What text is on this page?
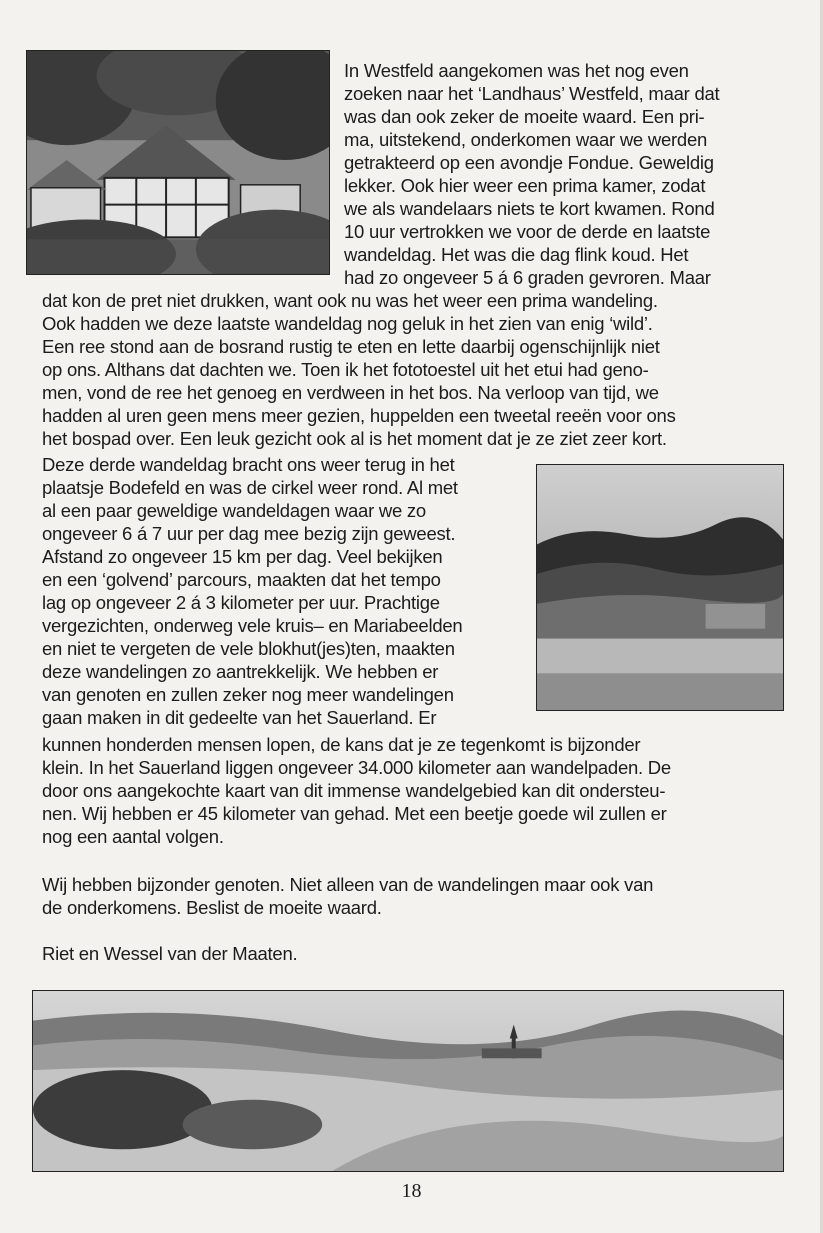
In Westfeld aangekomen was het nog even
zoeken naar het ‘Landhaus’ Westfeld, maar dat
was dan ook zeker de moeite waard. Een pri-
ma, uitstekend, onderkomen waar we werden
getrakteerd op een avondje Fondue. Geweldig
lekker. Ook hier weer een prima kamer, zodat
we als wandelaars niets te kort kwamen. Rond
10 uur vertrokken we voor de derde en laatste
wandeldag. Het was die dag flink koud. Het
had zo ongeveer 5 á 6 graden gevroren. Maar
dat kon de pret niet drukken, want ook nu was het weer een prima wandeling.
Ook hadden we deze laatste wandeldag nog geluk in het zien van enig ‘wild’.
Een ree stond aan de bosrand rustig te eten en lette daarbij ogenschijnlijk niet
op ons. Althans dat dachten we. Toen ik het fototoestel uit het etui had geno-
men, vond de ree het genoeg en verdween in het bos. Na verloop van tijd, we
hadden al uren geen mens meer gezien, huppelden een tweetal reeën voor ons
het bospad over. Een leuk gezicht ook al is het moment dat je ze ziet zeer kort.
Deze derde wandeldag bracht ons weer terug in het
plaatsje Bodefeld en was de cirkel weer rond. Al met
al een paar geweldige wandeldagen waar we zo
ongeveer 6 á 7 uur per dag mee bezig zijn geweest.
Afstand zo ongeveer 15 km per dag. Veel bekijken
en een ‘golvend’ parcours, maakten dat het tempo
lag op ongeveer 2 á 3 kilometer per uur. Prachtige
vergezichten, onderweg vele kruis– en Mariabeelden
en niet te vergeten de vele blokhut(jes)ten, maakten
deze wandelingen zo aantrekkelijk. We hebben er
van genoten en zullen zeker nog meer wandelingen
gaan maken in dit gedeelte van het Sauerland. Er
kunnen honderden mensen lopen, de kans dat je ze tegenkomt is bijzonder
klein. In het Sauerland liggen ongeveer 34.000 kilometer aan wandelpaden. De
door ons aangekochte kaart van dit immense wandelgebied kan dit ondersteu-
nen. Wij hebben er 45 kilometer van gehad. Met een beetje goede wil zullen er
nog een aantal volgen.
Wij hebben bijzonder genoten. Niet alleen van de wandelingen maar ook van
de onderkomens. Beslist de moeite waard.
Riet en Wessel van der Maaten.
18
